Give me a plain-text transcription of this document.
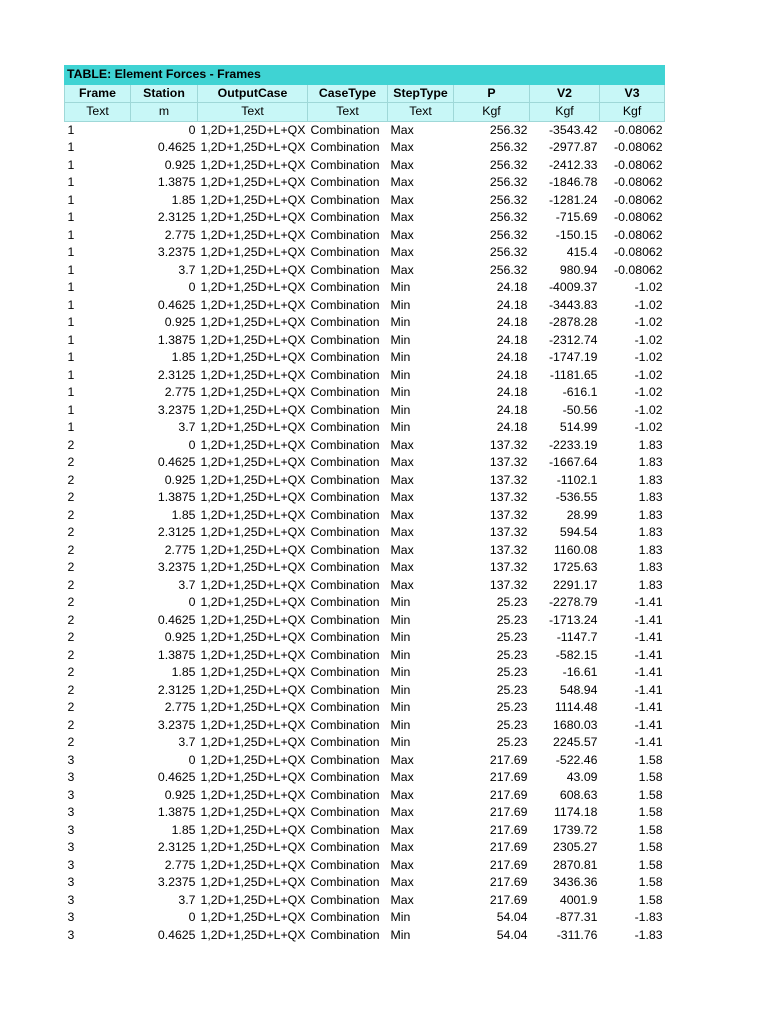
TABLE: Element Forces - Frames							
Frame	Station	OutputCase	CaseType	StepType	P	V2	V3
Text	m	Text	Text	Text	Kgf	Kgf	Kgf
1	0	1,2D+1,25D+L+QX	Combination	Max	256.32	-3543.42	-0.08062
1	0.4625	1,2D+1,25D+L+QX	Combination	Max	256.32	-2977.87	-0.08062
1	0.925	1,2D+1,25D+L+QX	Combination	Max	256.32	-2412.33	-0.08062
1	1.3875	1,2D+1,25D+L+QX	Combination	Max	256.32	-1846.78	-0.08062
1	1.85	1,2D+1,25D+L+QX	Combination	Max	256.32	-1281.24	-0.08062
1	2.3125	1,2D+1,25D+L+QX	Combination	Max	256.32	-715.69	-0.08062
1	2.775	1,2D+1,25D+L+QX	Combination	Max	256.32	-150.15	-0.08062
1	3.2375	1,2D+1,25D+L+QX	Combination	Max	256.32	415.4	-0.08062
1	3.7	1,2D+1,25D+L+QX	Combination	Max	256.32	980.94	-0.08062
1	0	1,2D+1,25D+L+QX	Combination	Min	24.18	-4009.37	-1.02
1	0.4625	1,2D+1,25D+L+QX	Combination	Min	24.18	-3443.83	-1.02
1	0.925	1,2D+1,25D+L+QX	Combination	Min	24.18	-2878.28	-1.02
1	1.3875	1,2D+1,25D+L+QX	Combination	Min	24.18	-2312.74	-1.02
1	1.85	1,2D+1,25D+L+QX	Combination	Min	24.18	-1747.19	-1.02
1	2.3125	1,2D+1,25D+L+QX	Combination	Min	24.18	-1181.65	-1.02
1	2.775	1,2D+1,25D+L+QX	Combination	Min	24.18	-616.1	-1.02
1	3.2375	1,2D+1,25D+L+QX	Combination	Min	24.18	-50.56	-1.02
1	3.7	1,2D+1,25D+L+QX	Combination	Min	24.18	514.99	-1.02
2	0	1,2D+1,25D+L+QX	Combination	Max	137.32	-2233.19	1.83
2	0.4625	1,2D+1,25D+L+QX	Combination	Max	137.32	-1667.64	1.83
2	0.925	1,2D+1,25D+L+QX	Combination	Max	137.32	-1102.1	1.83
2	1.3875	1,2D+1,25D+L+QX	Combination	Max	137.32	-536.55	1.83
2	1.85	1,2D+1,25D+L+QX	Combination	Max	137.32	28.99	1.83
2	2.3125	1,2D+1,25D+L+QX	Combination	Max	137.32	594.54	1.83
2	2.775	1,2D+1,25D+L+QX	Combination	Max	137.32	1160.08	1.83
2	3.2375	1,2D+1,25D+L+QX	Combination	Max	137.32	1725.63	1.83
2	3.7	1,2D+1,25D+L+QX	Combination	Max	137.32	2291.17	1.83
2	0	1,2D+1,25D+L+QX	Combination	Min	25.23	-2278.79	-1.41
2	0.4625	1,2D+1,25D+L+QX	Combination	Min	25.23	-1713.24	-1.41
2	0.925	1,2D+1,25D+L+QX	Combination	Min	25.23	-1147.7	-1.41
2	1.3875	1,2D+1,25D+L+QX	Combination	Min	25.23	-582.15	-1.41
2	1.85	1,2D+1,25D+L+QX	Combination	Min	25.23	-16.61	-1.41
2	2.3125	1,2D+1,25D+L+QX	Combination	Min	25.23	548.94	-1.41
2	2.775	1,2D+1,25D+L+QX	Combination	Min	25.23	1114.48	-1.41
2	3.2375	1,2D+1,25D+L+QX	Combination	Min	25.23	1680.03	-1.41
2	3.7	1,2D+1,25D+L+QX	Combination	Min	25.23	2245.57	-1.41
3	0	1,2D+1,25D+L+QX	Combination	Max	217.69	-522.46	1.58
3	0.4625	1,2D+1,25D+L+QX	Combination	Max	217.69	43.09	1.58
3	0.925	1,2D+1,25D+L+QX	Combination	Max	217.69	608.63	1.58
3	1.3875	1,2D+1,25D+L+QX	Combination	Max	217.69	1174.18	1.58
3	1.85	1,2D+1,25D+L+QX	Combination	Max	217.69	1739.72	1.58
3	2.3125	1,2D+1,25D+L+QX	Combination	Max	217.69	2305.27	1.58
3	2.775	1,2D+1,25D+L+QX	Combination	Max	217.69	2870.81	1.58
3	3.2375	1,2D+1,25D+L+QX	Combination	Max	217.69	3436.36	1.58
3	3.7	1,2D+1,25D+L+QX	Combination	Max	217.69	4001.9	1.58
3	0	1,2D+1,25D+L+QX	Combination	Min	54.04	-877.31	-1.83
3	0.4625	1,2D+1,25D+L+QX	Combination	Min	54.04	-311.76	-1.83
